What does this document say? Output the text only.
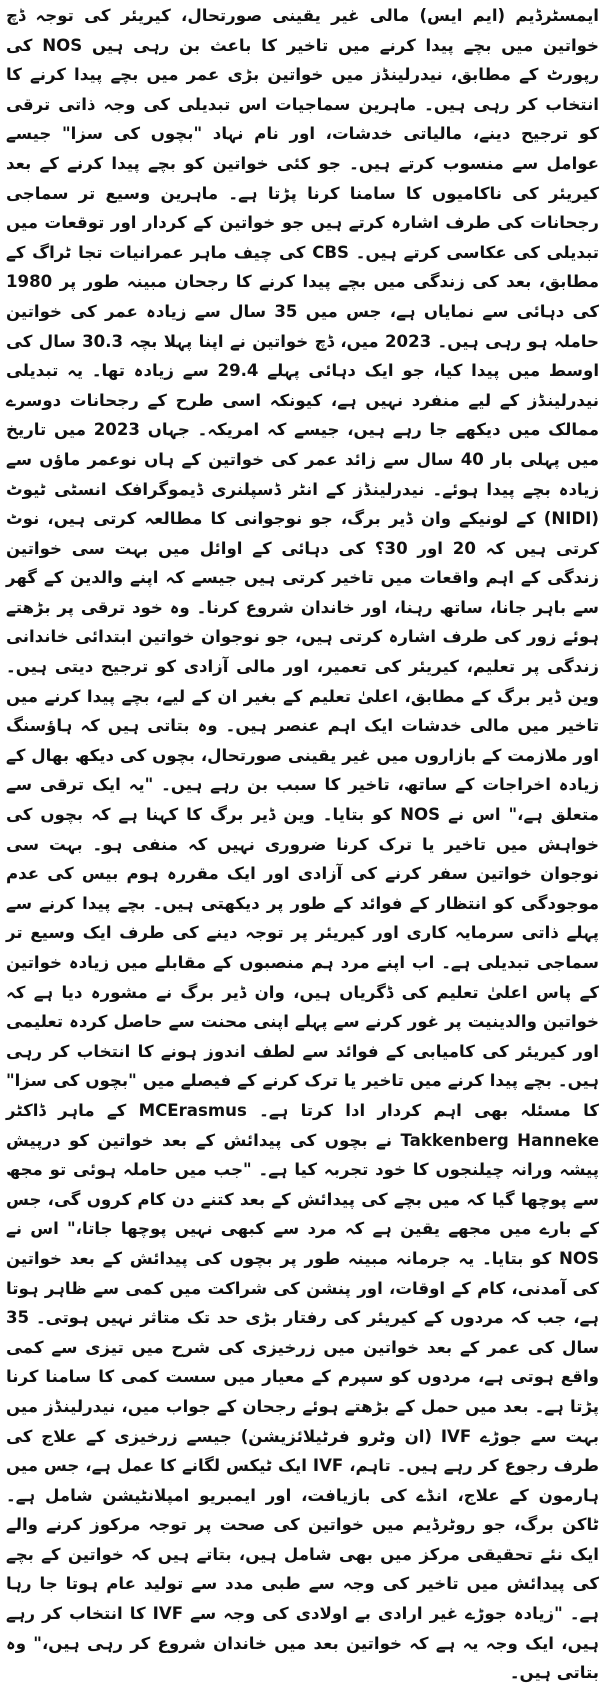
ایمسٹرڈیم (ایم ایس) مالی غیر یقینی صورتحال، کیریئر کی توجہ ڈچ خواتین میں بچے پیدا کرنے میں تاخیر کا باعث بن رہی ہیں NOS کی رپورٹ کے مطابق، نیدرلینڈز میں خواتین بڑی عمر میں بچے پیدا کرنے کا انتخاب کر رہی ہیں۔ ماہرین سماجیات اس تبدیلی کی وجہ ذاتی ترقی کو ترجیح دینے، مالیاتی خدشات، اور نام نہاد "بچوں کی سزا" جیسے عوامل سے منسوب کرتے ہیں۔ جو کئی خواتین کو بچے پیدا کرنے کے بعد کیریئر کی ناکامیوں کا سامنا کرنا پڑتا ہے۔ ماہرین وسیع تر سماجی رجحانات کی طرف اشارہ کرتے ہیں جو خواتین کے کردار اور توقعات میں تبدیلی کی عکاسی کرتے ہیں۔ CBS کی چیف ماہر عمرانیات تجا ٹراگ کے مطابق، بعد کی زندگی میں بچے پیدا کرنے کا رجحان مبینہ طور پر 1980 کی دہائی سے نمایاں ہے، جس میں 35 سال سے زیادہ عمر کی خواتین حاملہ ہو رہی ہیں۔ 2023 میں، ڈچ خواتین نے اپنا پہلا بچہ 30.3 سال کی اوسط میں پیدا کیا، جو ایک دہائی پہلے 29.4 سے زیادہ تھا۔ یہ تبدیلی نیدرلینڈز کے لیے منفرد نہیں ہے، کیونکہ اسی طرح کے رجحانات دوسرے ممالک میں دیکھے جا رہے ہیں، جیسے کہ امریکہ۔ جہاں 2023 میں تاریخ میں پہلی بار 40 سال سے زائد عمر کی خواتین کے ہاں نوعمر ماؤں سے زیادہ بچے پیدا ہوئے۔ نیدرلینڈز کے انٹر ڈسپلنری ڈیموگرافک انسٹی ٹیوٹ (NIDI) کے لونیکے وان ڈیر برگ، جو نوجوانی کا مطالعہ کرتی ہیں، نوٹ کرتی ہیں کہ 20 اور 30؟ کی دہائی کے اوائل میں بہت سی خواتین زندگی کے اہم واقعات میں تاخیر کرتی ہیں جیسے کہ اپنے والدین کے گھر سے باہر جانا، ساتھ رہنا، اور خاندان شروع کرنا۔ وہ خود ترقی پر بڑھتے ہوئے زور کی طرف اشارہ کرتی ہیں، جو نوجوان خواتین ابتدائی خاندانی زندگی پر تعلیم، کیریئر کی تعمیر، اور مالی آزادی کو ترجیح دیتی ہیں۔ وین ڈیر برگ کے مطابق، اعلیٰ تعلیم کے بغیر ان کے لیے، بچے پیدا کرنے میں تاخیر میں مالی خدشات ایک اہم عنصر ہیں۔ وہ بتاتی ہیں کہ ہاؤسنگ اور ملازمت کے بازاروں میں غیر یقینی صورتحال، بچوں کی دیکھ بھال کے زیادہ اخراجات کے ساتھ، تاخیر کا سبب بن رہے ہیں۔ "یہ ایک ترقی سے متعلق ہے،" اس نے NOS کو بتایا۔ وین ڈیر برگ کا کہنا ہے کہ بچوں کی خواہش میں تاخیر یا ترک کرنا ضروری نہیں کہ منفی ہو۔ بہت سی نوجوان خواتین سفر کرنے کی آزادی اور ایک مقررہ ہوم بیس کی عدم موجودگی کو انتظار کے فوائد کے طور پر دیکھتی ہیں۔ بچے پیدا کرنے سے پہلے ذاتی سرمایہ کاری اور کیریئر پر توجہ دینے کی طرف ایک وسیع تر سماجی تبدیلی ہے۔ اب اپنے مرد ہم منصبوں کے مقابلے میں زیادہ خواتین کے پاس اعلیٰ تعلیم کی ڈگریاں ہیں، وان ڈیر برگ نے مشورہ دیا ہے کہ خواتین والدینیت پر غور کرنے سے پہلے اپنی محنت سے حاصل کردہ تعلیمی اور کیریئر کی کامیابی کے فوائد سے لطف اندوز ہونے کا انتخاب کر رہی ہیں۔ بچے پیدا کرنے میں تاخیر یا ترک کرنے کے فیصلے میں "بچوں کی سزا" کا مسئلہ بھی اہم کردار ادا کرتا ہے۔ MCErasmus کے ماہر ڈاکٹر Takkenberg Hanneke نے بچوں کی پیدائش کے بعد خواتین کو درپیش پیشہ ورانہ چیلنجوں کا خود تجربہ کیا ہے۔ "جب میں حاملہ ہوئی تو مجھ سے پوچھا گیا کہ میں بچے کی پیدائش کے بعد کتنے دن کام کروں گی، جس کے بارے میں مجھے یقین ہے کہ مرد سے کبھی نہیں پوچھا جاتا،" اس نے NOS کو بتایا۔ یہ جرمانہ مبینہ طور پر بچوں کی پیدائش کے بعد خواتین کی آمدنی، کام کے اوقات، اور پنشن کی شراکت میں کمی سے ظاہر ہوتا ہے، جب کہ مردوں کے کیریئر کی رفتار بڑی حد تک متاثر نہیں ہوتی۔ 35 سال کی عمر کے بعد خواتین میں زرخیزی کی شرح میں تیزی سے کمی واقع ہوتی ہے، مردوں کو سپرم کے معیار میں سست کمی کا سامنا کرنا پڑتا ہے۔ بعد میں حمل کے بڑھتے ہوئے رجحان کے جواب میں، نیدرلینڈز میں بہت سے جوڑے IVF (ان وٹرو فرٹیلائزیشن) جیسے زرخیزی کے علاج کی طرف رجوع کر رہے ہیں۔ تاہم، IVF ایک ٹیکس لگانے کا عمل ہے، جس میں ہارمون کے علاج، انڈے کی بازیافت، اور ایمبریو امپلانٹیشن شامل ہے۔ ٹاکن برگ، جو روٹرڈیم میں خواتین کی صحت پر توجہ مرکوز کرنے والے ایک نئے تحقیقی مرکز میں بھی شامل ہیں، بتاتے ہیں کہ خواتین کے بچے کی پیدائش میں تاخیر کی وجہ سے طبی مدد سے تولید عام ہوتا جا رہا ہے۔ "زیادہ جوڑے غیر ارادی بے اولادی کی وجہ سے IVF کا انتخاب کر رہے ہیں، ایک وجہ یہ ہے کہ خواتین بعد میں خاندان شروع کر رہی ہیں،" وہ بتاتی ہیں۔
